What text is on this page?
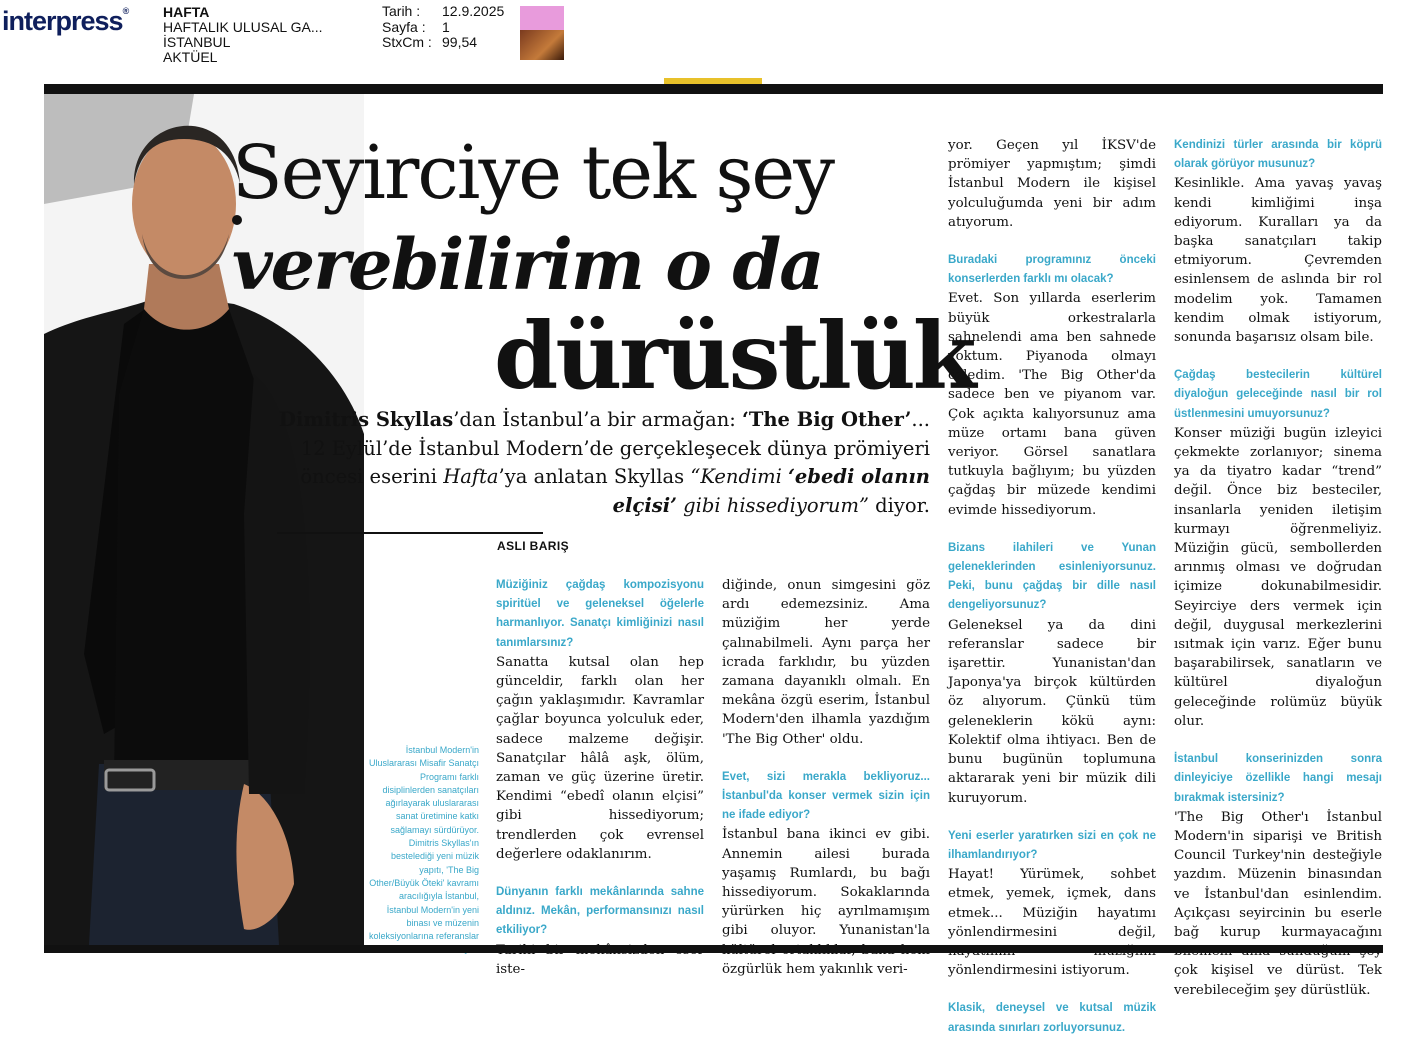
interpress® HAFTA
HAFTALIK ULUSAL GA...
İSTANBUL
AKTÜEL
Tarih :	12.9.2025
Sayfa :	1
StxCm : 99,54
İstanbul Modern'in Uluslararası Misafir Sanatçı Programı farklı disiplinlerden sanatçıları ağırlayarak uluslararası sanat üretimine katkı sağlamayı sürdürüyor. Dimitris Skyllas'ın bestelediği yeni müzik yapıtı, 'The Big Other/Büyük Öteki' kavramı aracılığıyla İstanbul, İstanbul Modern'in yeni binası ve müzenin koleksiyonlarına referanslar
Seyirciye tek şey
verebilirim o da
dürüstlük
Dimitris Skyllas’dan İstanbul’a bir armağan: ‘The Big Other’... 12 Eylül’de İstanbul Modern’de gerçekleşecek dünya prömiyeri öncesi eserini Hafta’ya anlatan Skyllas “Kendimi ‘ebedi olanın elçisi’ gibi hissediyorum” diyor.
ASLI BARIŞ
Müziğiniz çağdaş kompozisyonu spiritüel ve geleneksel öğelerle harmanlıyor. Sanatçı kimliğinizi nasıl tanımlarsınız?
Sanatta kutsal olan hep günceldir, farklı olan her çağın yaklaşımıdır. Kavramlar çağlar boyunca yolculuk eder, sadece malzeme değişir. Sanatçılar hâlâ aşk, ölüm, zaman ve güç üzerine üretir. Kendimi “ebedî olanın elçisi” gibi hissediyorum; trendlerden çok evrensel değerlere odaklanırım.
Dünyanın farklı mekânlarında sahne aldınız. Mekân, performansınızı nasıl etkiliyor?
iste-
diğinde, onun simgesini göz ardı edemezsiniz. Ama müziğim her yerde çalınabilmeli. Aynı parça her icrada farklıdır, bu yüzden zamana dayanıklı olmalı. En mekâna özgü eserim, İstanbul Modern'den ilhamla yazdığım 'The Big Other' oldu.
Evet, sizi merakla bekliyoruz... İstanbul'da konser vermek sizin için ne ifade ediyor?
İstanbul bana ikinci ev gibi. Annemin ailesi burada yaşamış Rumlardı, bu bağı hissediyorum. Sokaklarında yürürken hiç ayrılmamışım gibi oluyor. Yunanistan'la özgürlük hem yakınlık veri-
yor. Geçen yıl İKSV'de prömiyer yapmıştım; şimdi İstanbul Modern ile kişisel yolculuğumda yeni bir adım atıyorum.
Buradaki programınız önceki konserlerden farklı mı olacak?
Evet. Son yıllarda eserlerim büyük orkestralarla sahnelendi ama ben sahnede yoktum. Piyanoda olmayı özledim. 'The Big Other'da sadece ben ve piyanom var. Çok açıkta kalıyorsunuz ama müze ortamı bana güven veriyor. Görsel sanatlara tutkuyla bağlıyım; bu yüzden çağdaş bir müzede kendimi evimde hissediyorum.
Bizans ilahileri ve Yunan geleneklerinden esinleniyorsunuz. Peki, bunu çağdaş bir dille nasıl dengeliyorsunuz?
Geleneksel ya da dini referanslar sadece bir işarettir. Yunanistan'dan Japonya'ya birçok kültürden öz alıyorum. Çünkü tüm geleneklerin kökü aynı: Kolektif olma ihtiyacı. Ben de bunu bugünün toplumuna aktararak yeni bir müzik dili kuruyorum.
Yeni eserler yaratırken sizi en çok ne ilhamlandırıyor?
Hayat! Yürümek, sohbet etmek, yemek, içmek, dans etmek... Müziğin hayatımı yönlendirmesini değil, yönlendirmesini istiyorum.
Klasik, deneysel ve kutsal müzik arasında sınırları zorluyorsunuz.
Kendinizi türler arasında bir köprü olarak görüyor musunuz?
Kesinlikle. Ama yavaş yavaş kendi kimliğimi inşa ediyorum. Kuralları ya da başka sanatçıları takip etmiyorum. Çevremden esinlensem de aslında bir rol modelim yok. Tamamen kendim olmak istiyorum, sonunda başarısız olsam bile.
Çağdaş bestecilerin kültürel diyaloğun geleceğinde nasıl bir rol üstlenmesini umuyorsunuz?
Konser müziği bugün izleyici çekmekte zorlanıyor; sinema ya da tiyatro kadar “trend” değil. Önce biz besteciler, insanlarla yeniden iletişim kurmayı öğrenmeliyiz. Müziğin gücü, sembollerden arınmış olması ve doğrudan içimize dokunabilmesidir. Seyirciye ders vermek için değil, duygusal merkezlerini ısıtmak için varız. Eğer bunu başarabilirsek, sanatların ve kültürel diyaloğun geleceğinde rolümüz büyük olur.
İstanbul konserinizden sonra dinleyiciye özellikle hangi mesajı bırakmak istersiniz?
'The Big Other'ı İstanbul Modern'in siparişi ve British Council Turkey'nin desteğiyle yazdım. Müzenin binasından ve İstanbul'dan esinlendim. Açıkçası seyircinin bu eserle bağ kurup kurmayacağını çok kişisel ve dürüst. Tek verebileceğim şey dürüstlük.
